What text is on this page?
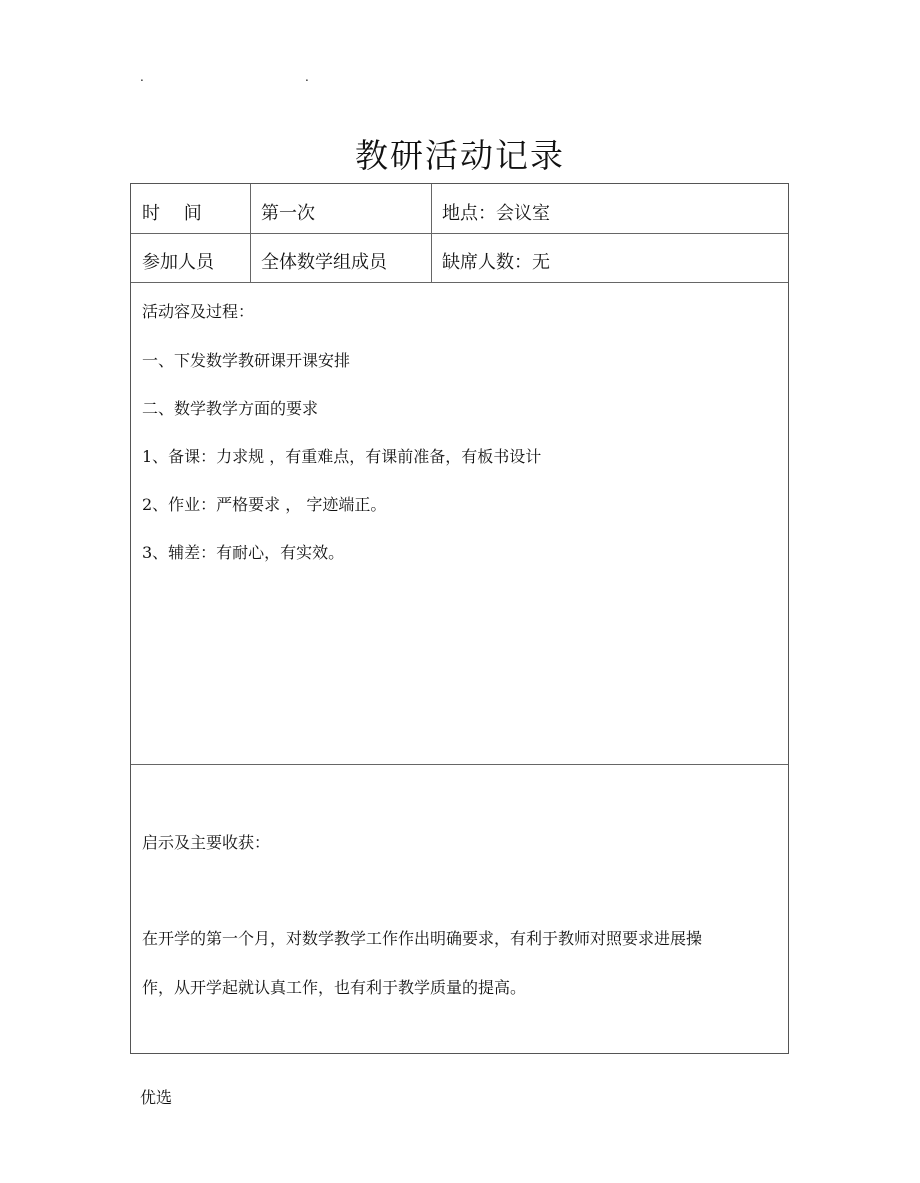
.	.
教研活动记录
时　 间	第一次	地点：会议室
参加人员	全体数学组成员	缺席人数：无
活动容及过程：
一、下发数学教研课开课安排
二、数学教学方面的要求
1、备课：力求规 ，有重难点，有课前准备，有板书设计
2、作业：严格要求 ， 字迹端正。
3、辅差：有耐心，有实效。
启示及主要收获：
在开学的第一个月，对数学教学工作作出明确要求，有利于教师对照要求进展操
作，从开学起就认真工作，也有利于教学质量的提高。
优选
